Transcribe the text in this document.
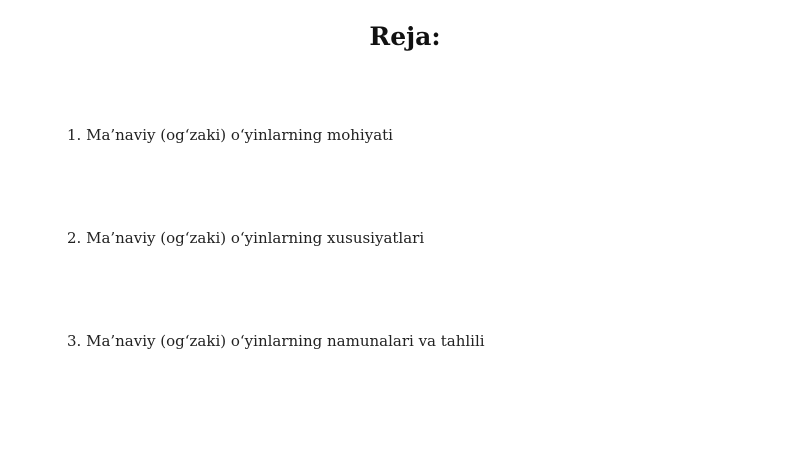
Reja:
1. Ma’naviy (og‘zaki) o‘yinlarning mohiyati
2. Ma’naviy (og‘zaki) o‘yinlarning xususiyatlari
3. Ma’naviy (og‘zaki) o‘yinlarning namunalari va tahlili
